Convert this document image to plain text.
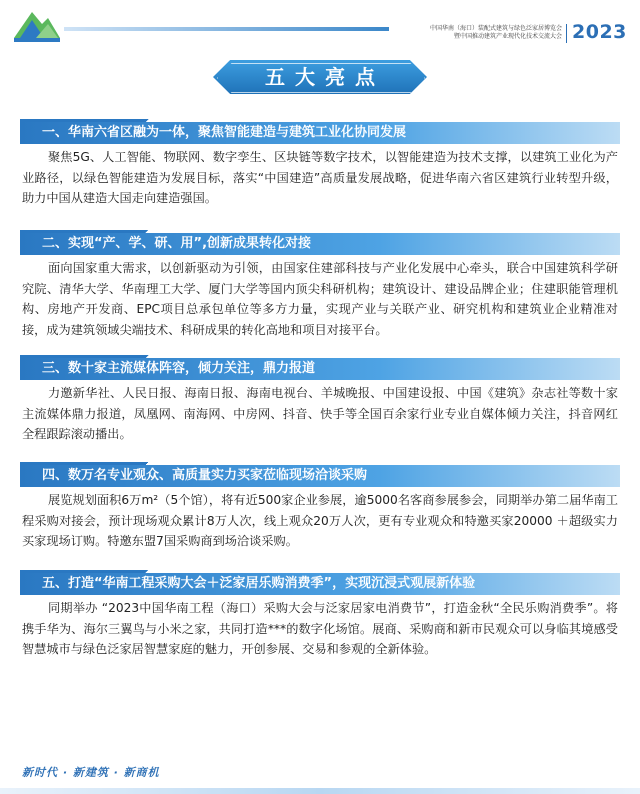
中国华南（海口）装配式建筑与绿色泛家居博览会
暨中国推动建筑产业现代化技术交流大会 2023
五大亮点
一、华南六省区融为一体，聚焦智能建造与建筑工业化协同发展
聚焦5G、人工智能、物联网、数字孪生、区块链等数字技术，以智能建造为技术支撑，以建筑工业化为产业路径，以绿色智能建造为发展目标，落实“中国建造”高质量发展战略，促进华南六省区建筑行业转型升级，助力中国从建造大国走向建造强国。
二、实现“产、学、研、用”,创新成果转化对接
面向国家重大需求，以创新驱动为引领，由国家住建部科技与产业化发展中心牵头，联合中国建筑科学研究院、清华大学、华南理工大学、厦门大学等国内顶尖科研机构；建筑设计、建设品牌企业；住建职能管理机构、房地产开发商、EPC项目总承包单位等多方力量，实现产业与关联产业、研究机构和建筑业企业精准对接，成为建筑领域尖端技术、科研成果的转化高地和项目对接平台。
三、数十家主流媒体阵容，倾力关注，鼎力报道
力邀新华社、人民日报、海南日报、海南电视台、羊城晚报、中国建设报、中国《建筑》杂志社等数十家主流媒体鼎力报道，凤凰网、南海网、中房网、抖音、快手等全国百余家行业专业自媒体倾力关注，抖音网红全程跟踪滚动播出。
四、数万名专业观众、高质量实力买家莅临现场洽谈采购
展览规划面积6万m²（5个馆），将有近500家企业参展，逾5000名客商参展参会，同期举办第二届华南工程采购对接会，预计现场观众累计8万人次，线上观众20万人次，更有专业观众和特邀买家20000 ＋超级实力买家现场订购。特邀东盟7国采购商到场洽谈采购。
五、打造“华南工程采购大会＋泛家居乐购消费季”，实现沉浸式观展新体验
同期举办 “2023中国华南工程（海口）采购大会与泛家居家电消费节”，打造金秋“全民乐购消费季”。将携手华为、海尔三翼鸟与小米之家，共同打造***的数字化场馆。展商、采购商和新市民观众可以身临其境感受智慧城市与绿色泛家居智慧家庭的魅力，开创参展、交易和参观的全新体验。
新时代 · 新建筑 · 新商机
